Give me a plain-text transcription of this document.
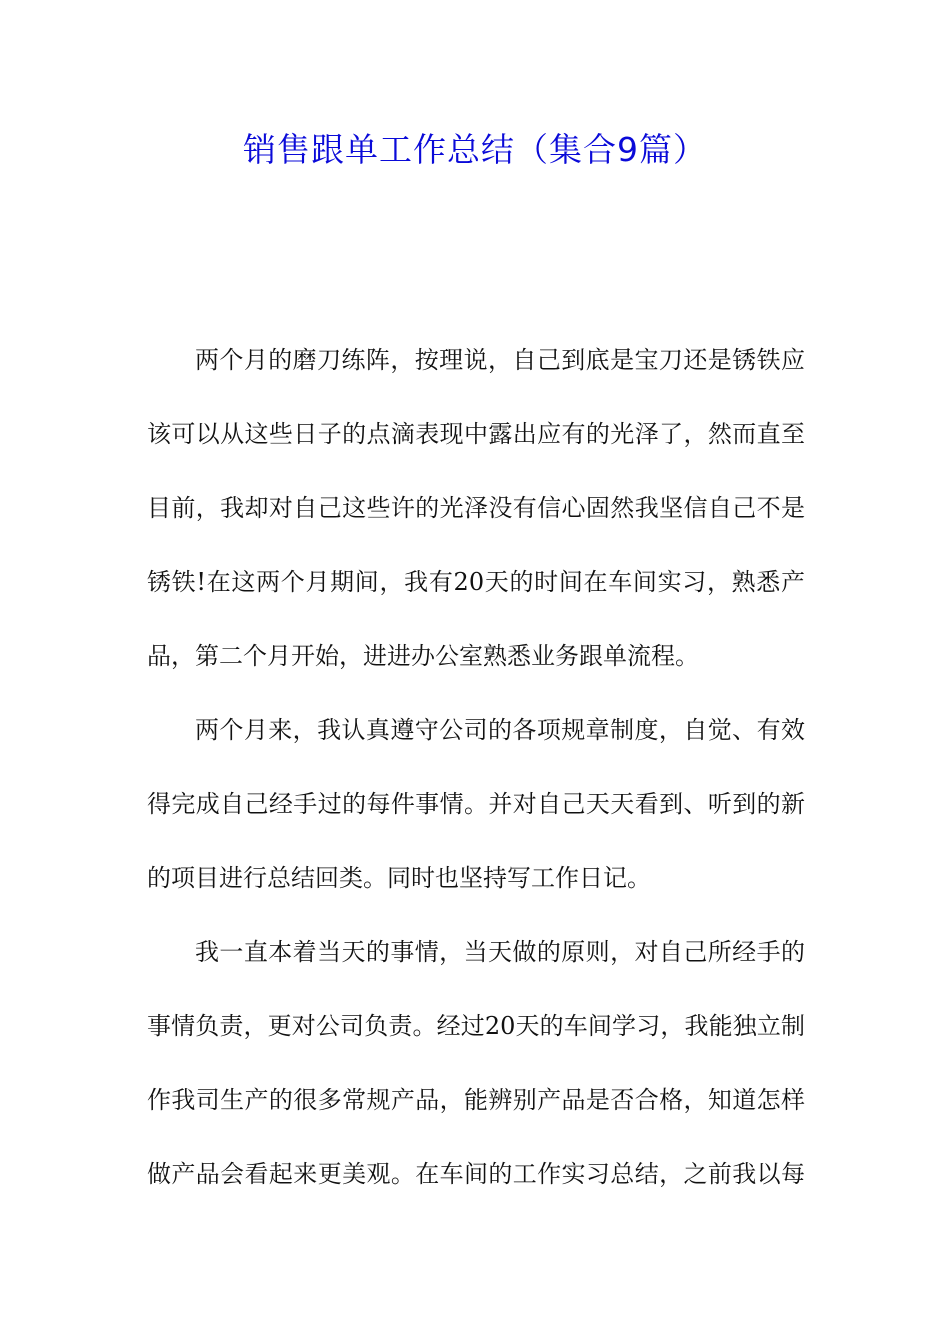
销售跟单工作总结（集合9篇）
两个月的磨刀练阵，按理说，自己到底是宝刀还是锈铁应
该可以从这些日子的点滴表现中露出应有的光泽了，然而直至
目前，我却对自己这些许的光泽没有信心固然我坚信自己不是
锈铁!在这两个月期间，我有20天的时间在车间实习，熟悉产
品，第二个月开始，进进办公室熟悉业务跟单流程。
两个月来，我认真遵守公司的各项规章制度，自觉、有效
得完成自己经手过的每件事情。并对自己天天看到、听到的新
的项目进行总结回类。同时也坚持写工作日记。
我一直本着当天的事情，当天做的原则，对自己所经手的
事情负责，更对公司负责。经过20天的车间学习，我能独立制
作我司生产的很多常规产品，能辨别产品是否合格，知道怎样
做产品会看起来更美观。在车间的工作实习总结，之前我以每
